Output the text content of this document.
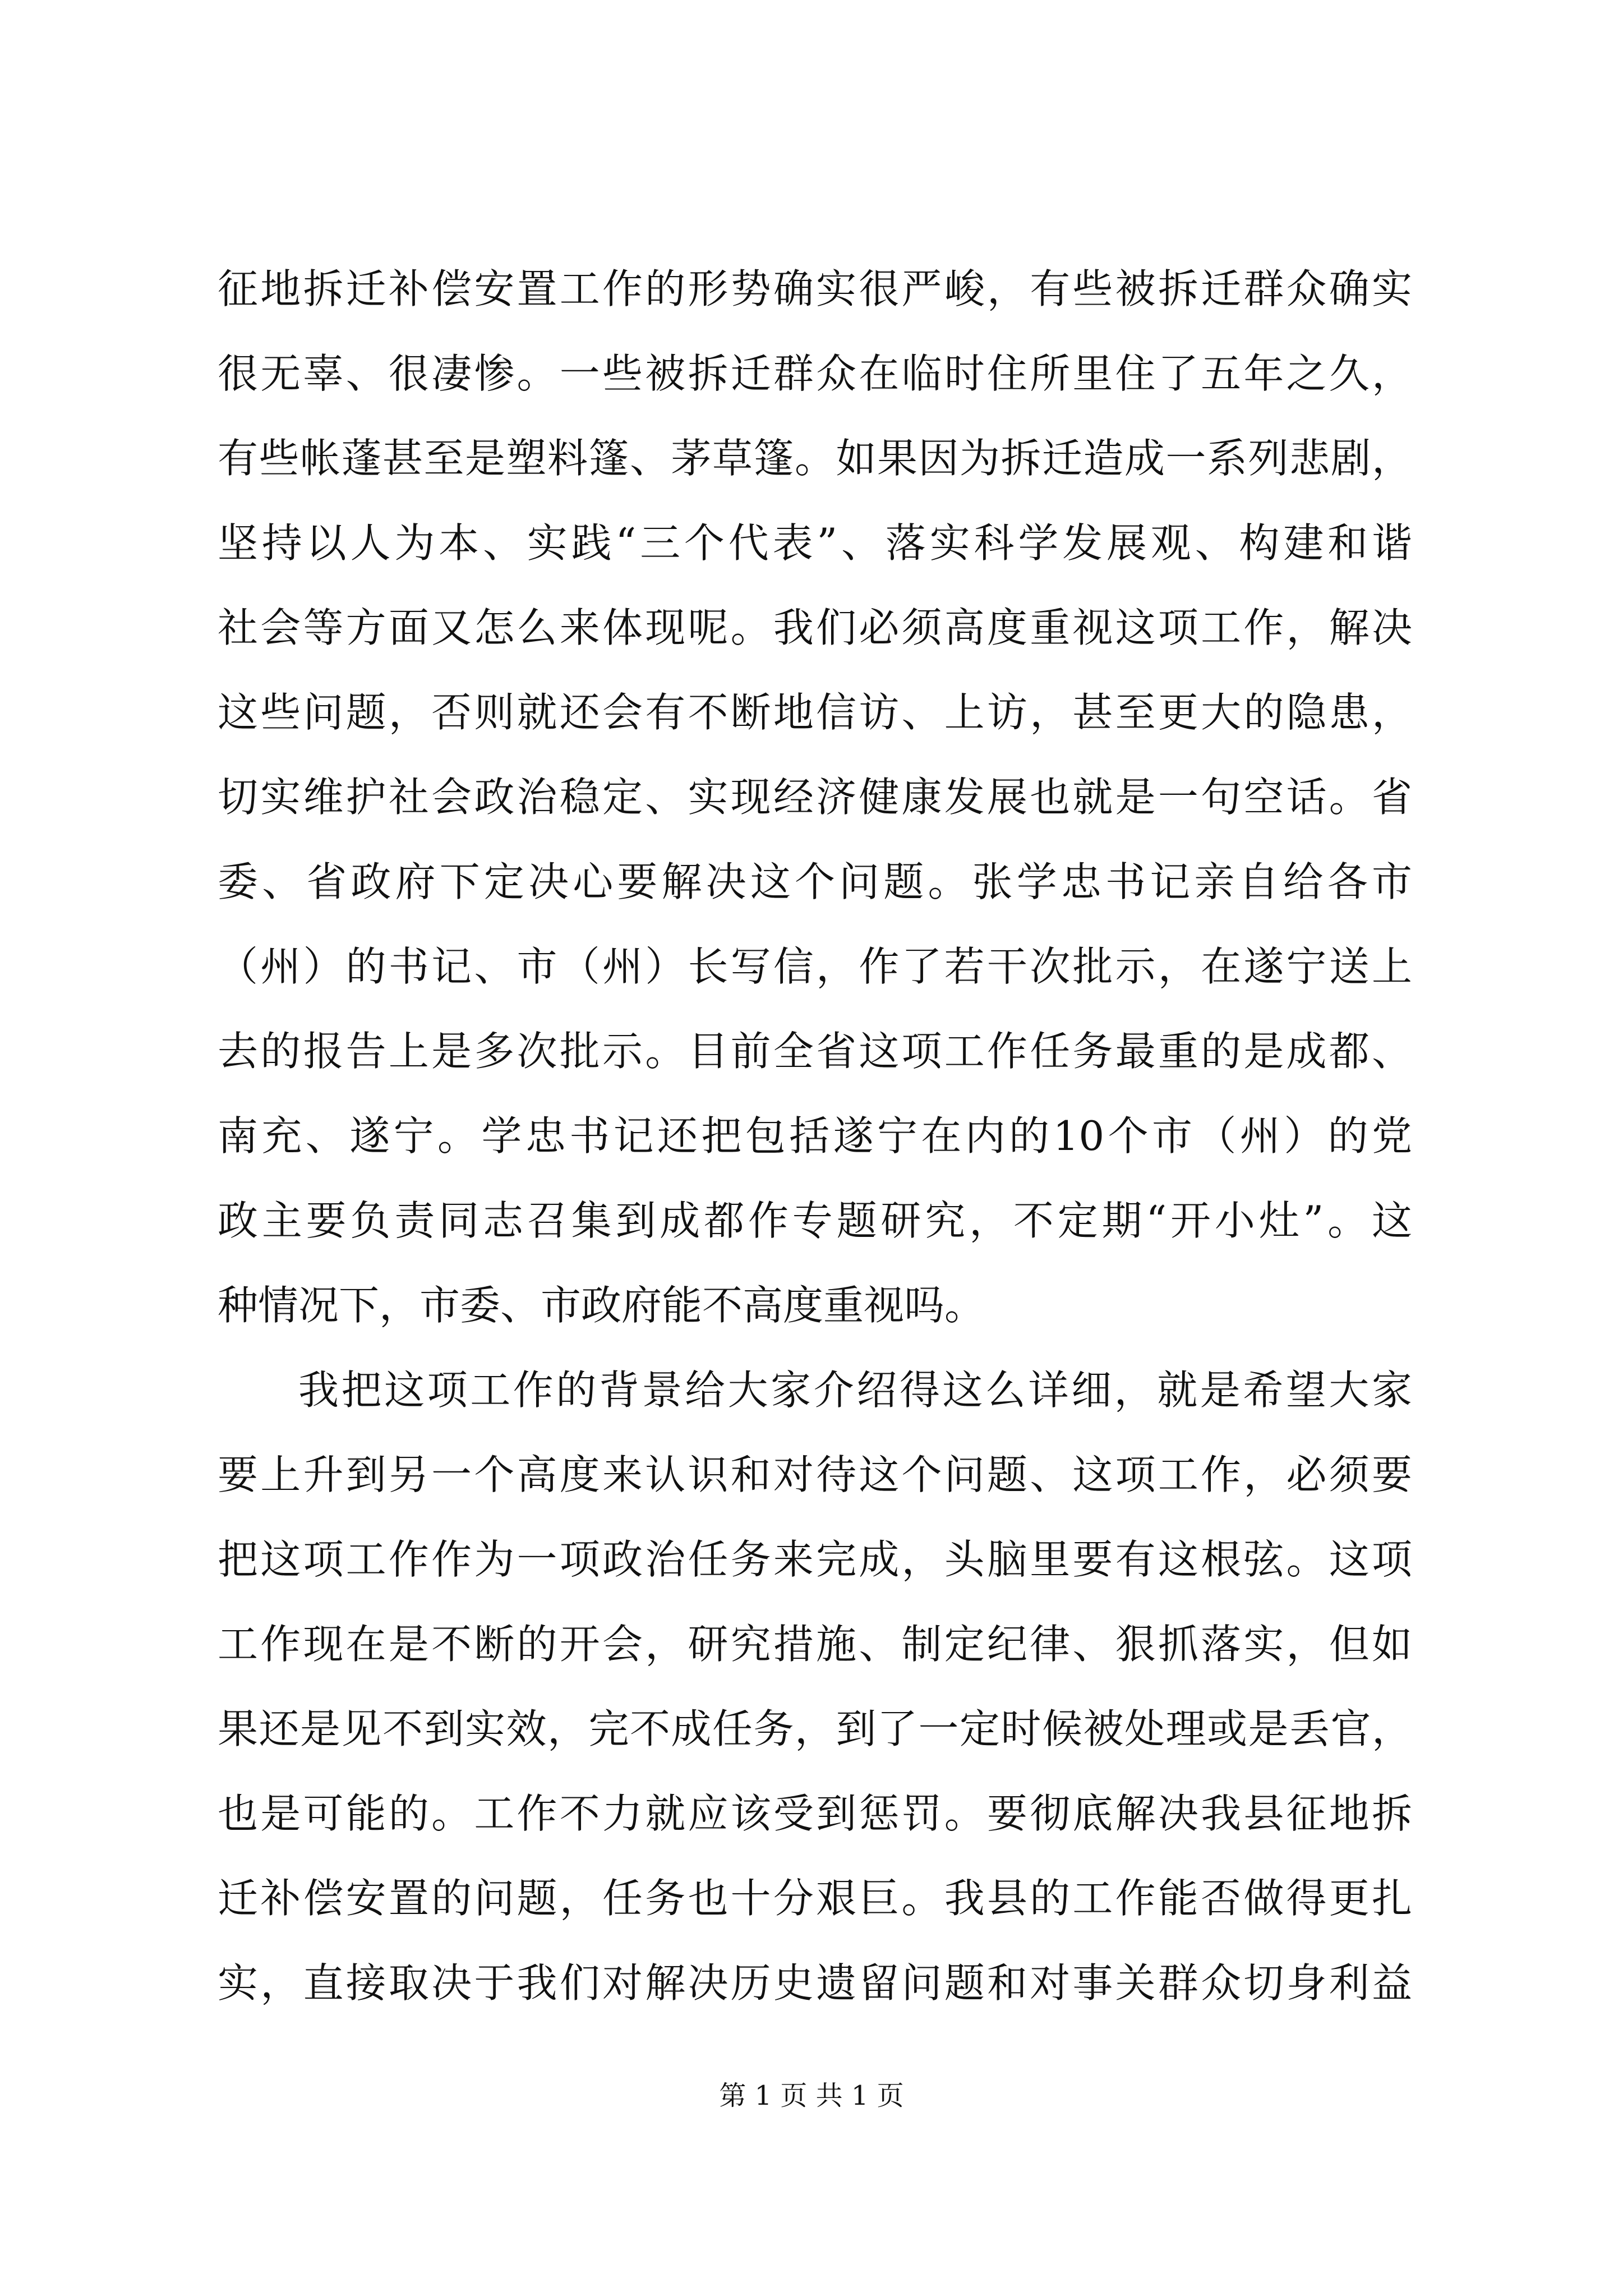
征地拆迁补偿安置工作的形势确实很严峻，有些被拆迁群众确实
很无辜、很凄惨。一些被拆迁群众在临时住所里住了五年之久，
有些帐蓬甚至是塑料篷、茅草篷。如果因为拆迁造成一系列悲剧，
坚持以人为本、实践“三个代表”、落实科学发展观、构建和谐
社会等方面又怎么来体现呢。我们必须高度重视这项工作，解决
这些问题，否则就还会有不断地信访、上访，甚至更大的隐患，
切实维护社会政治稳定、实现经济健康发展也就是一句空话。省
委、省政府下定决心要解决这个问题。张学忠书记亲自给各市
（州）的书记、市（州）长写信，作了若干次批示，在遂宁送上
去的报告上是多次批示。目前全省这项工作任务最重的是成都、
南充、遂宁。学忠书记还把包括遂宁在内的10个市（州）的党
政主要负责同志召集到成都作专题研究，不定期“开小灶”。这
种情况下，市委、市政府能不高度重视吗。
我把这项工作的背景给大家介绍得这么详细，就是希望大家
要上升到另一个高度来认识和对待这个问题、这项工作，必须要
把这项工作作为一项政治任务来完成，头脑里要有这根弦。这项
工作现在是不断的开会，研究措施、制定纪律、狠抓落实，但如
果还是见不到实效，完不成任务，到了一定时候被处理或是丢官，
也是可能的。工作不力就应该受到惩罚。要彻底解决我县征地拆
迁补偿安置的问题，任务也十分艰巨。我县的工作能否做得更扎
实，直接取决于我们对解决历史遗留问题和对事关群众切身利益
第 1 页 共 1 页
